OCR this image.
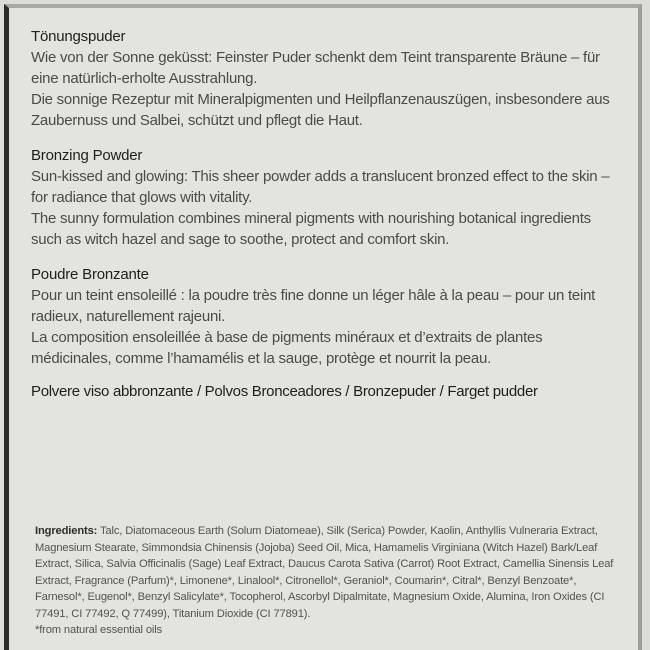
Tönungspuder
Wie von der Sonne geküsst: Feinster Puder schenkt dem Teint transparente Bräune – für eine natürlich-erholte Ausstrahlung.
Die sonnige Rezeptur mit Mineralpigmenten und Heilpflanzenauszügen, insbesondere aus Zaubernuss und Salbei, schützt und pflegt die Haut.
Bronzing Powder
Sun-kissed and glowing: This sheer powder adds a translucent bronzed effect to the skin – for radiance that glows with vitality.
The sunny formulation combines mineral pigments with nourishing botanical ingredients such as witch hazel and sage to soothe, protect and comfort skin.
Poudre Bronzante
Pour un teint ensoleillé : la poudre très fine donne un léger hâle à la peau – pour un teint radieux, naturellement rajeuni.
La composition ensoleillée à base de pigments minéraux et d’extraits de plantes médicinales, comme l’hamamélis et la sauge, protège et nourrit la peau.
Polvere viso abbronzante / Polvos Bronceadores / Bronzepuder / Farget pudder
Ingredients: Talc, Diatomaceous Earth (Solum Diatomeae), Silk (Serica) Powder, Kaolin, Anthyllis Vulneraria Extract, Magnesium Stearate, Simmondsia Chinensis (Jojoba) Seed Oil, Mica, Hamamelis Virginiana (Witch Hazel) Bark/Leaf Extract, Silica, Salvia Officinalis (Sage) Leaf Extract, Daucus Carota Sativa (Carrot) Root Extract, Camellia Sinensis Leaf Extract, Fragrance (Parfum)*, Limonene*, Linalool*, Citronellol*, Geraniol*, Coumarin*, Citral*, Benzyl Benzoate*, Farnesol*, Eugenol*, Benzyl Salicylate*, Tocopherol, Ascorbyl Dipalmitate, Magnesium Oxide, Alumina, Iron Oxides (CI 77491, CI 77492, Q 77499), Titanium Dioxide (CI 77891).
*from natural essential oils
